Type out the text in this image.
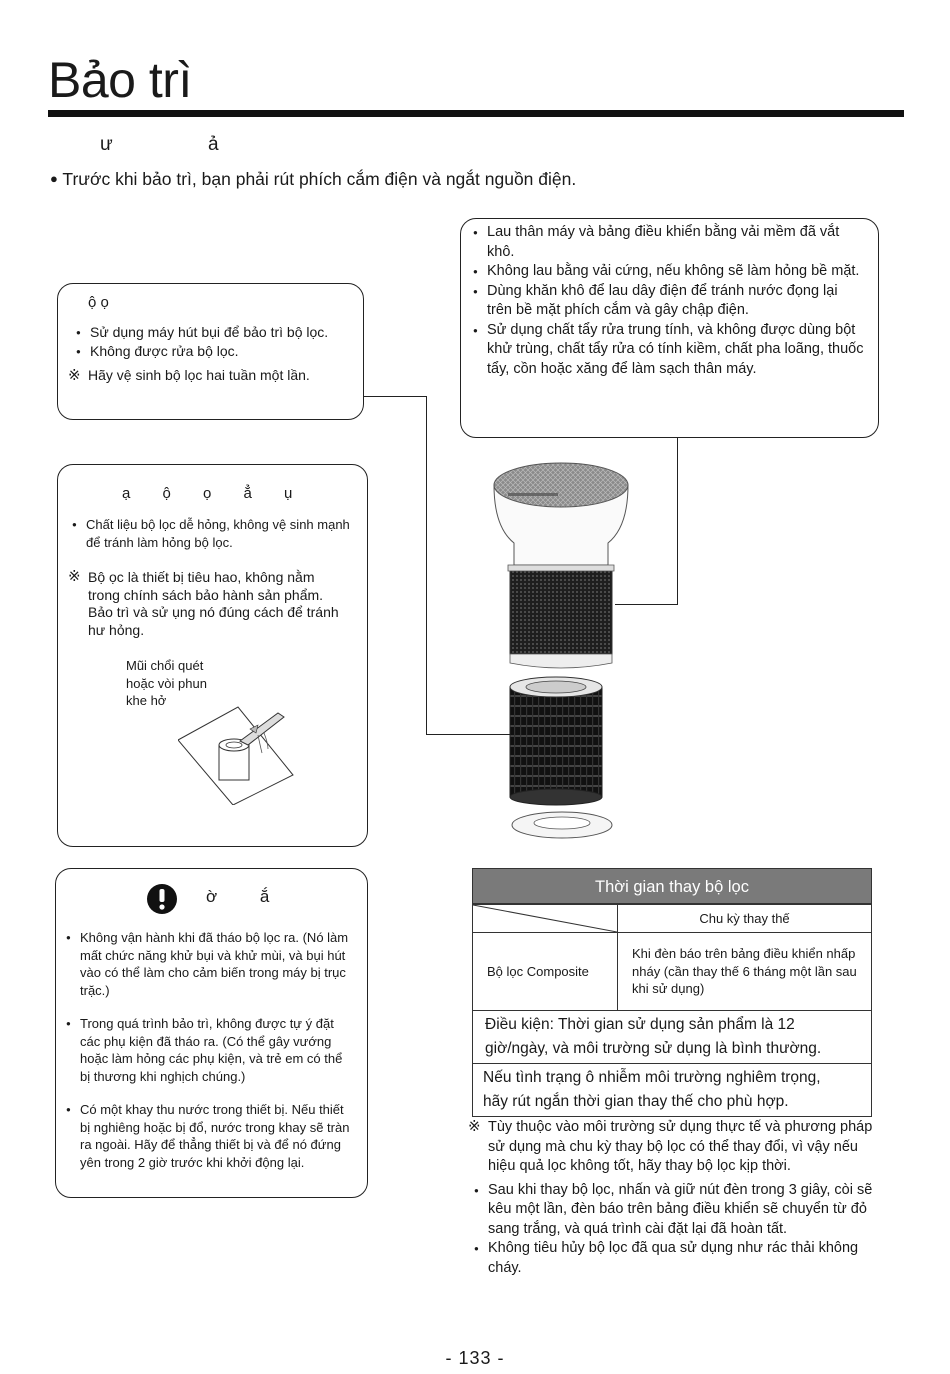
Bảo trì
ư ả
● Trước khi bảo trì, bạn phải rút phích cắm điện và ngắt nguồn điện.
ộ ọ
● Sử dụng máy hút bụi để bảo trì bộ lọc.
● Không được rửa bộ lọc.
※ Hãy vệ sinh bộ lọc hai tuần một lần.
● Lau thân máy và bảng điều khiển bằng vải mềm đã vắt khô.
● Không lau bằng vải cứng, nếu không sẽ làm hỏng bề mặt.
● Dùng khăn khô để lau dây điện để tránh nước đọng lại trên bề mặt phích cắm và gây chập điện.
● Sử dụng chất tẩy rửa trung tính, và không được dùng bột khử trùng, chất tẩy rửa có tính kiềm, chất pha loãng, thuốc tẩy, cồn hoặc xăng để làm sạch thân máy.
ạ ộ ọ ẳ ụ
● Chất liệu bộ lọc dễ hỏng, không vệ sinh mạnh để tránh làm hỏng bộ lọc.
※ Bộ ọc là thiết bị tiêu hao, không nằm trong chính sách bảo hành sản phẩm. Bảo trì và sử ụng nó đúng cách để tránh hư hỏng.
Mũi chổi quét hoặc vòi phun khe hở
ờ ắ
● Không vận hành khi đã tháo bộ lọc ra. (Nó làm mất chức năng khử bụi và khử mùi, và bụi hút vào có thể làm cho cảm biến trong máy bị trục trặc.)
● Trong quá trình bảo trì, không được tự ý đặt các phụ kiện đã tháo ra. (Có thể gây vướng hoặc làm hỏng các phụ kiện, và trẻ em có thể bị thương khi nghịch chúng.)
● Có một khay thu nước trong thiết bị. Nếu thiết bị nghiêng hoặc bị đổ, nước trong khay sẽ tràn ra ngoài. Hãy để thẳng thiết bị và để nó đứng yên trong 2 giờ trước khi khởi động lại.
Thời gian thay bộ lọc
	Chu kỳ thay thế
Bộ lọc Composite	Khi đèn báo trên bảng điều khiển nhấp nháy (cần thay thế 6 tháng một lần sau khi sử dụng)
Điều kiện: Thời gian sử dụng sản phẩm là 12 giờ/ngày, và môi trường sử dụng là bình thường.
Nếu tình trạng ô nhiễm môi trường nghiêm trọng, hãy rút ngắn thời gian thay thế cho phù hợp.
※ Tùy thuộc vào môi trường sử dụng thực tế và phương pháp sử dụng mà chu kỳ thay bộ lọc có thể thay đổi, vì vậy nếu hiệu quả lọc không tốt, hãy thay bộ lọc kịp thời.
● Sau khi thay bộ lọc, nhấn và giữ nút đèn trong 3 giây, còi sẽ kêu một lần, đèn báo trên bảng điều khiển sẽ chuyển từ đỏ sang trắng, và quá trình cài đặt lại đã hoàn tất.
● Không tiêu hủy bộ lọc đã qua sử dụng như rác thải không cháy.
- 133 -
